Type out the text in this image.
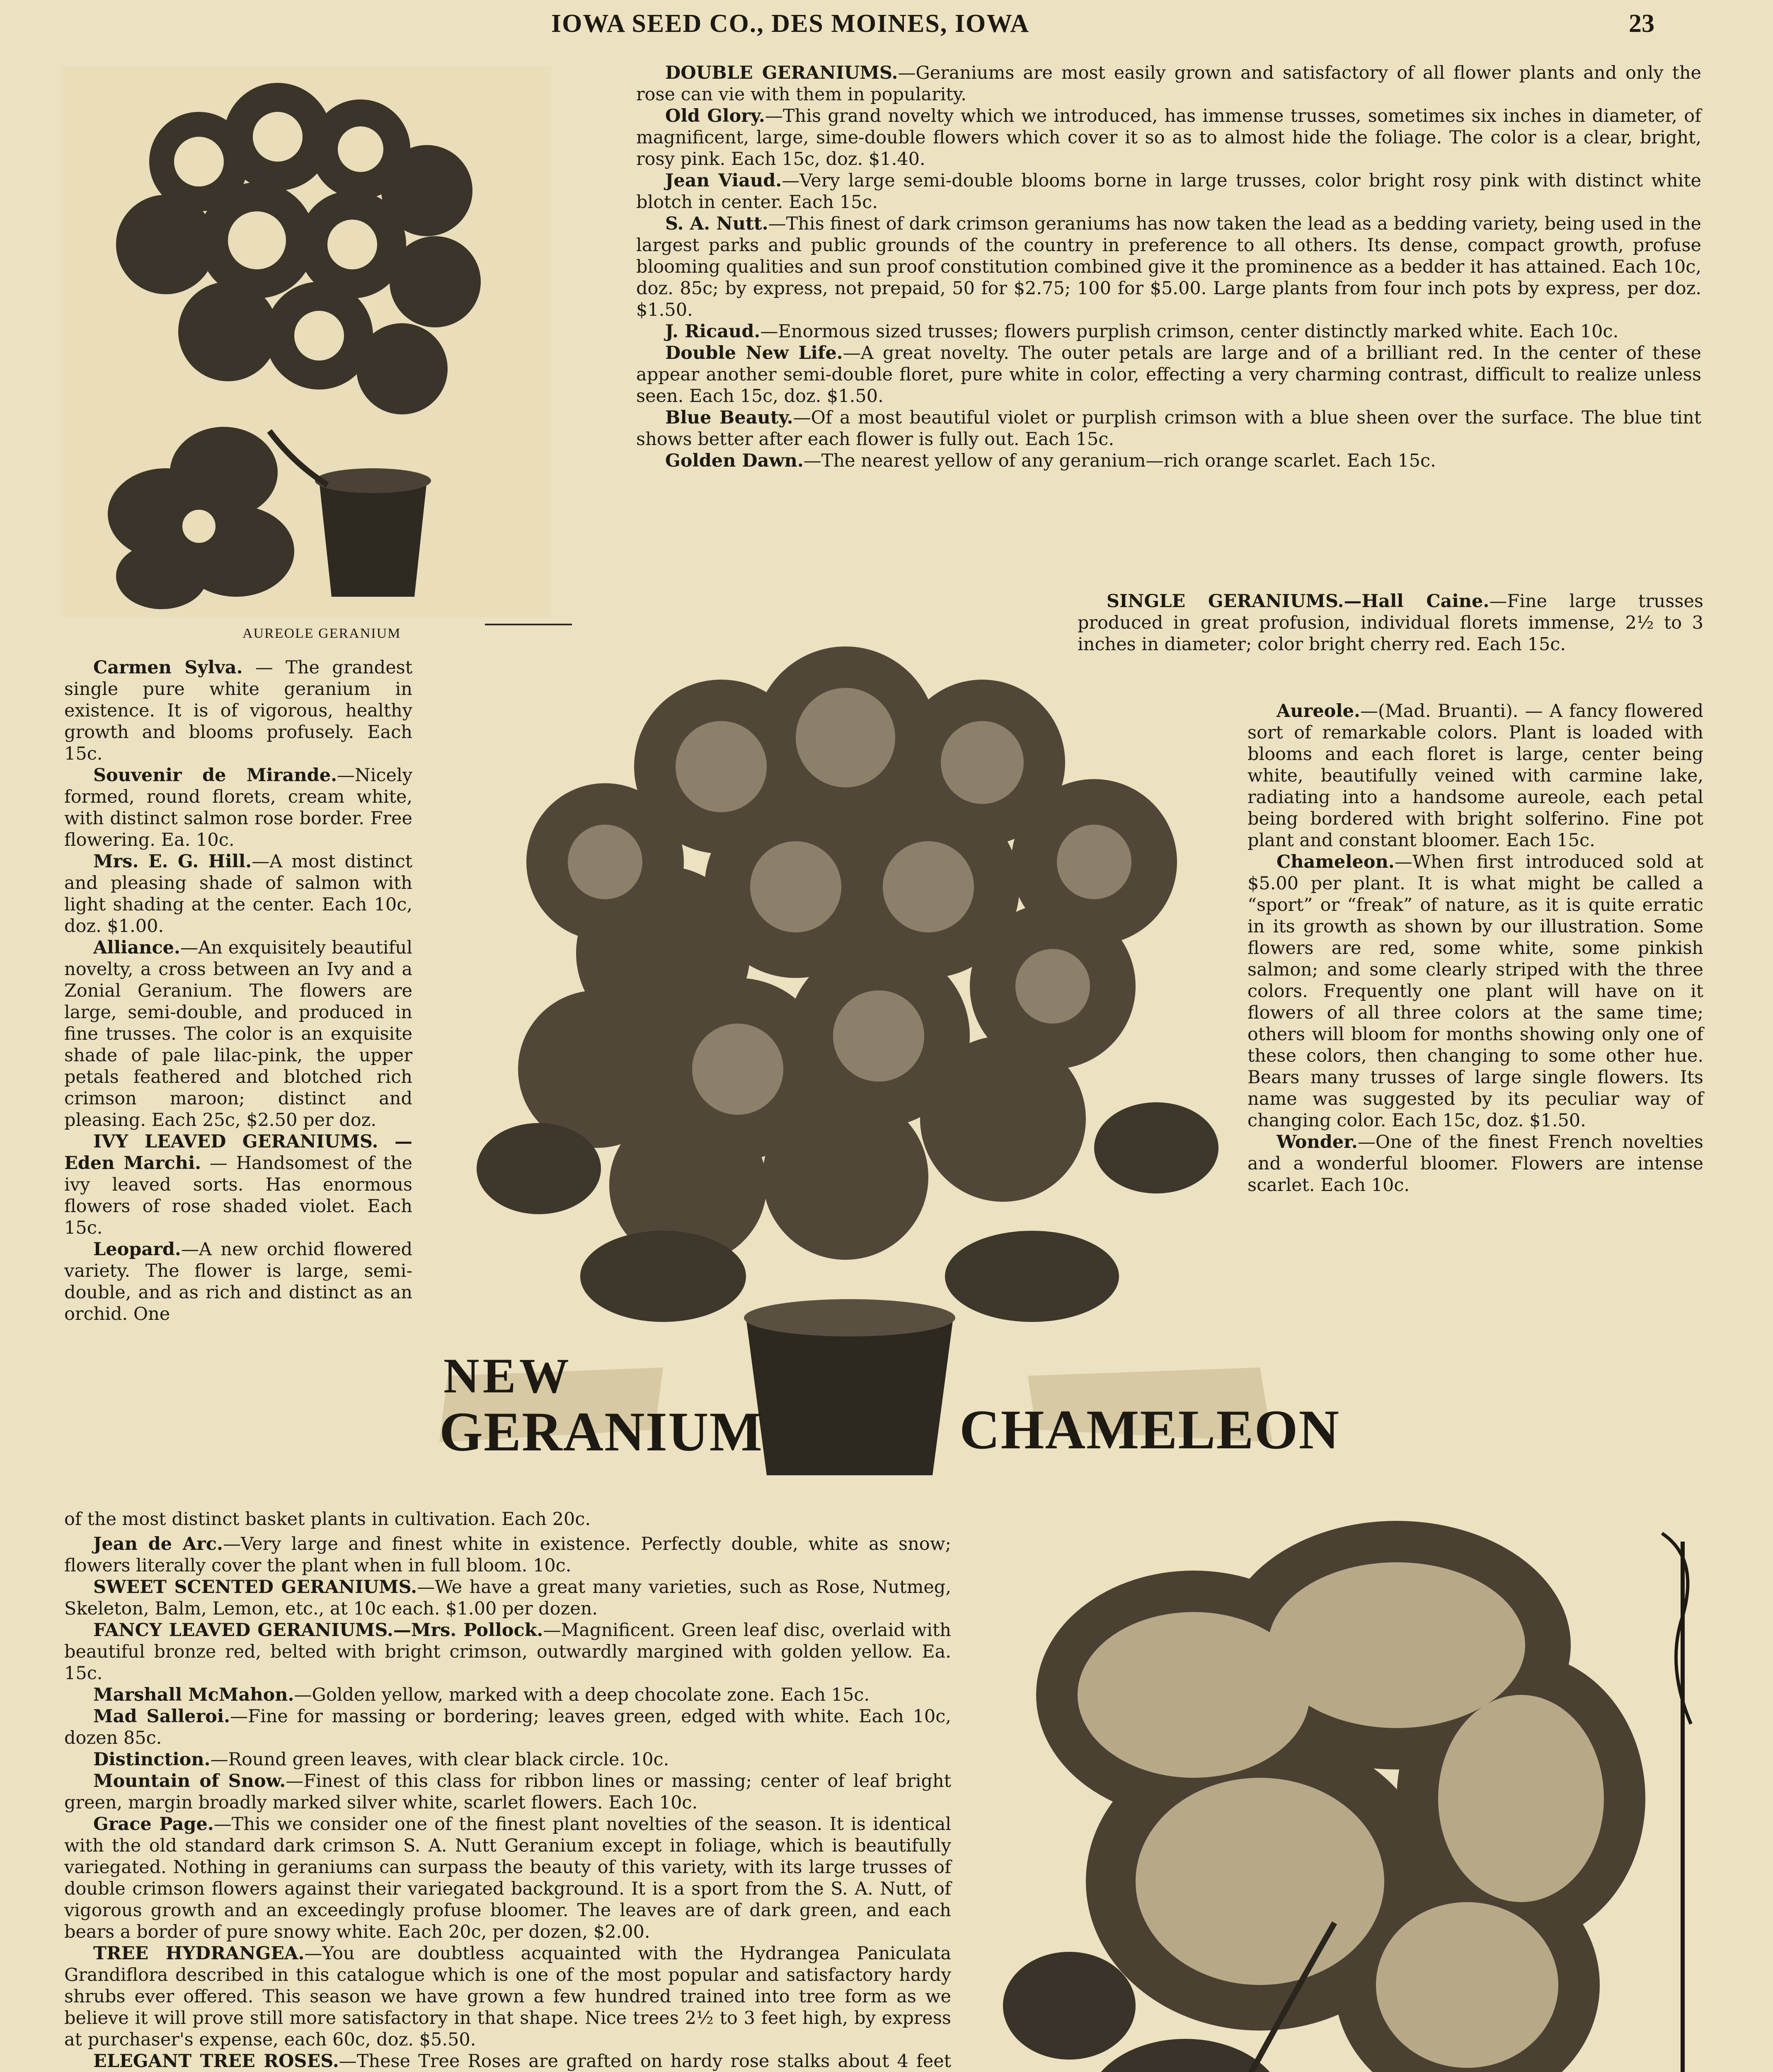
IOWA SEED CO., DES MOINES, IOWA	23
AUREOLE GERANIUM

DOUBLE GERANIUMS.—Geraniums are most easily grown and satisfactory of all flower plants and only the rose can vie with them in popularity.

Old Glory.—This grand novelty which we introduced, has immense trusses, sometimes six inches in diameter, of magnificent, large, sime-double flowers which cover it so as to almost hide the foliage. The color is a clear, bright, rosy pink. Each 15c, doz. $1.40.

Jean Viaud.—Very large semi-double blooms borne in large trusses, color bright rosy pink with distinct white blotch in center. Each 15c.

S. A. Nutt.—This finest of dark crimson geraniums has now taken the lead as a bedding variety, being used in the largest parks and public grounds of the country in preference to all others. Its dense, compact growth, profuse blooming qualities and sun proof constitution combined give it the prominence as a bedder it has attained. Each 10c, doz. 85c; by express, not prepaid, 50 for $2.75; 100 for $5.00. Large plants from four inch pots by express, per doz. $1.50.

J. Ricaud.—Enormous sized trusses; flowers purplish crimson, center distinctly marked white. Each 10c.

Double New Life.—A great novelty. The outer petals are large and of a brilliant red. In the center of these appear another semi-double floret, pure white in color, effecting a very charming contrast, difficult to realize unless seen. Each 15c, doz. $1.50.

Blue Beauty.—Of a most beautiful violet or purplish crimson with a blue sheen over the surface. The blue tint shows better after each flower is fully out. Each 15c.

Golden Dawn.—The nearest yellow of any geranium—rich orange scarlet. Each 15c.

Carmen Sylva. — The grandest single pure white geranium in existence. It is of vigorous, healthy growth and blooms profusely. Each 15c.

Souvenir de Mirande.—Nicely formed, round florets, cream white, with distinct salmon rose border. Free flowering. Ea. 10c.

Mrs. E. G. Hill.—A most distinct and pleasing shade of salmon with light shading at the center. Each 10c, doz. $1.00.

Alliance.—An exquisitely beautiful novelty, a cross between an Ivy and a Zonial Geranium. The flowers are large, semi-double, and produced in fine trusses. The color is an exquisite shade of pale lilac-pink, the upper petals feathered and blotched rich crimson maroon; distinct and pleasing. Each 25c, $2.50 per doz.

IVY LEAVED GERANIUMS. — Eden Marchi. — Handsomest of the ivy leaved sorts. Has enormous flowers of rose shaded violet. Each 15c.

Leopard.—A new orchid flowered variety. The flower is large, semi-double, and as rich and distinct as an orchid. One

NEW
GERANIUM	CHAMELEON

SINGLE GERANIUMS.—Hall Caine.—Fine large trusses produced in great profusion, individual florets immense, 2½ to 3 inches in diameter; color bright cherry red. Each 15c.

Aureole.—(Mad. Bruanti). — A fancy flowered sort of remarkable colors. Plant is loaded with blooms and each floret is large, center being white, beautifully veined with carmine lake, radiating into a handsome aureole, each petal being bordered with bright solferino. Fine pot plant and constant bloomer. Each 15c.

Chameleon.—When first introduced sold at $5.00 per plant. It is what might be called a “sport” or “freak” of nature, as it is quite erratic in its growth as shown by our illustration. Some flowers are red, some white, some pinkish salmon; and some clearly striped with the three colors. Frequently one plant will have on it flowers of all three colors at the same time; others will bloom for months showing only one of these colors, then changing to some other hue. Bears many trusses of large single flowers. Its name was suggested by its peculiar way of changing color. Each 15c, doz. $1.50.

Wonder.—One of the finest French novelties and a wonderful bloomer. Flowers are intense scarlet. Each 10c.

of the most distinct basket plants in cultivation. Each 20c.

Jean de Arc.—Very large and finest white in existence. Perfectly double, white as snow; flowers literally cover the plant when in full bloom. 10c.

SWEET SCENTED GERANIUMS.—We have a great many varieties, such as Rose, Nutmeg, Skeleton, Balm, Lemon, etc., at 10c each. $1.00 per dozen.

FANCY LEAVED GERANIUMS.—Mrs. Pollock.—Magnificent. Green leaf disc, overlaid with beautiful bronze red, belted with bright crimson, outwardly margined with golden yellow. Ea. 15c.

Marshall McMahon.—Golden yellow, marked with a deep chocolate zone. Each 15c.

Mad Salleroi.—Fine for massing or bordering; leaves green, edged with white. Each 10c, dozen 85c.

Distinction.—Round green leaves, with clear black circle. 10c.

Mountain of Snow.—Finest of this class for ribbon lines or massing; center of leaf bright green, margin broadly marked silver white, scarlet flowers. Each 10c.

Grace Page.—This we consider one of the finest plant novelties of the season. It is identical with the old standard dark crimson S. A. Nutt Geranium except in foliage, which is beautifully variegated. Nothing in geraniums can surpass the beauty of this variety, with its large trusses of double crimson flowers against their variegated background. It is a sport from the S. A. Nutt, of vigorous growth and an exceedingly profuse bloomer. The leaves are of dark green, and each bears a border of pure snowy white. Each 20c, per dozen, $2.00.

TREE HYDRANGEA.—You are doubtless acquainted with the Hydrangea Paniculata Grandiflora described in this catalogue which is one of the most popular and satisfactory hardy shrubs ever offered. This season we have grown a few hundred trained into tree form as we believe it will prove still more satisfactory in that shape. Nice trees 2½ to 3 feet high, by express at purchaser's expense, each 60c, doz. $5.50.

ELEGANT TREE ROSES.—These Tree Roses are grafted on hardy rose stalks about 4 feet
